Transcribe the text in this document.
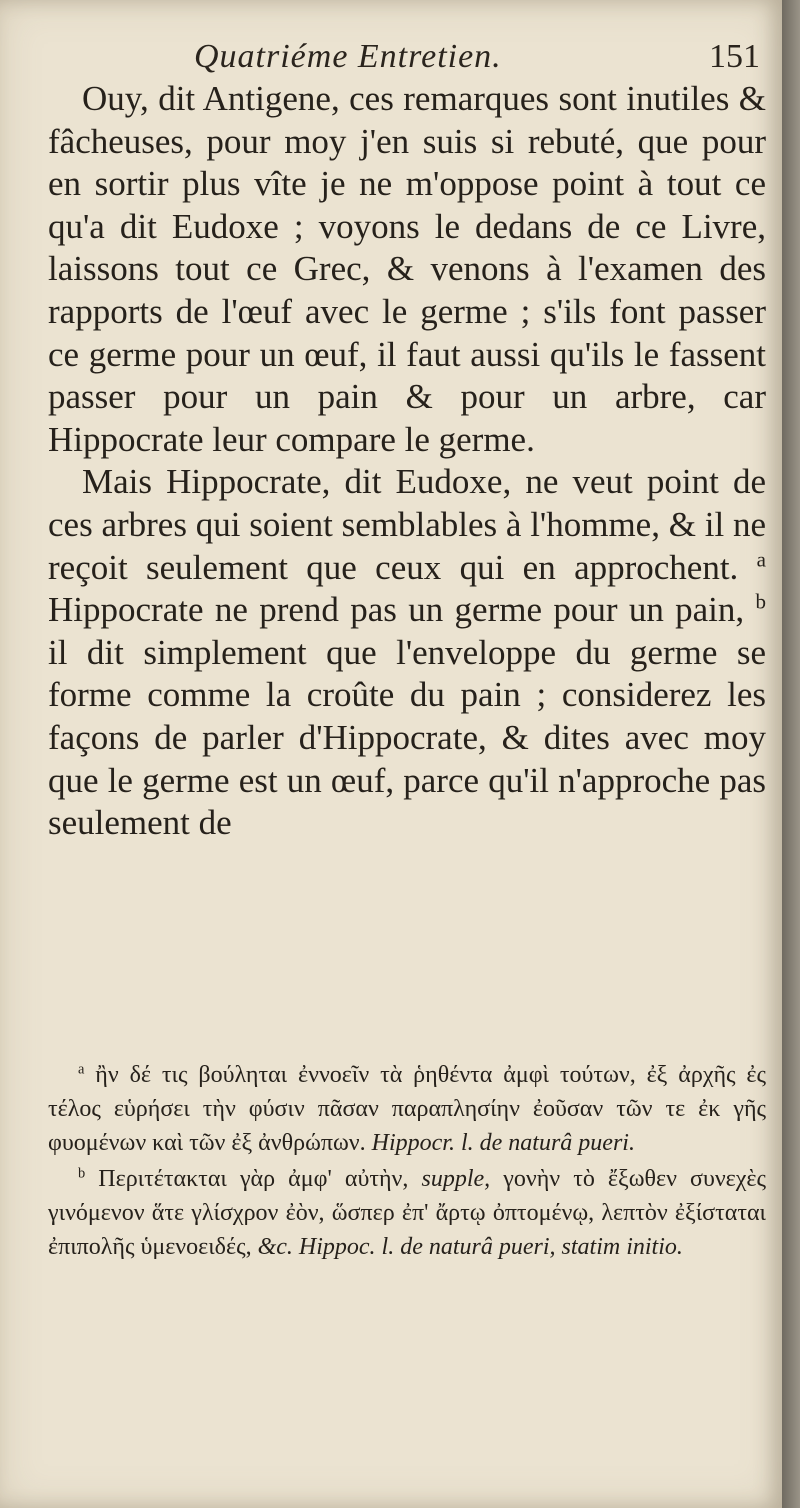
Quatriéme Entretien.	151

Ouy, dit Antigene, ces remarques sont inutiles & fâcheuses, pour moy j'en suis si rebuté, que pour en sortir plus vîte je ne m'oppose point à tout ce qu'a dit Eudoxe ; voyons le dedans de ce Livre, laissons tout ce Grec, & venons à l'examen des rapports de l'œuf avec le germe ; s'ils font passer ce germe pour un œuf, il faut aussi qu'ils le fassent passer pour un pain & pour un arbre, car Hippocrate leur compare le germe.

Mais Hippocrate, dit Eudoxe, ne veut point de ces arbres qui soient semblables à l'homme, & il ne reçoit seulement que ceux qui en approchent. $^a$ Hippocrate ne prend pas un germe pour un pain, $^b$ il dit simplement que l'enveloppe du germe se forme comme la croûte du pain ; considerez les façons de parler d'Hippocrate, & dites avec moy que le germe est un œuf, parce qu'il n'approche pas seulement de

$^a$ ἢν δέ τις βούληται ἐννοεῖν τὰ ῥηθέντα ἀμφὶ τούτων, ἐξ ἀρχῆς ἐς τέλος εὑρήσει τὴν φύσιν πᾶσαν παραπλησίην ἐοῦσαν τῶν τε ἐκ γῆς φυομένων καὶ τῶν ἐξ ἀνθρώπων. Hippocr. l. de naturâ pueri.

$^b$ Περιτέτακται γὰρ ἀμφ' αὐτὴν, supple, γονὴν τὸ ἔξωθεν συνεχὲς γινόμενον ἅτε γλίσχρον ἐὸν, ὥσπερ ἐπ' ἄρτῳ ὀπτομένῳ, λεπτὸν ἐξίσταται ἐπιπολῆς ὑμενοειδές, &c. Hippoc. l. de naturâ pueri, statim initio.
